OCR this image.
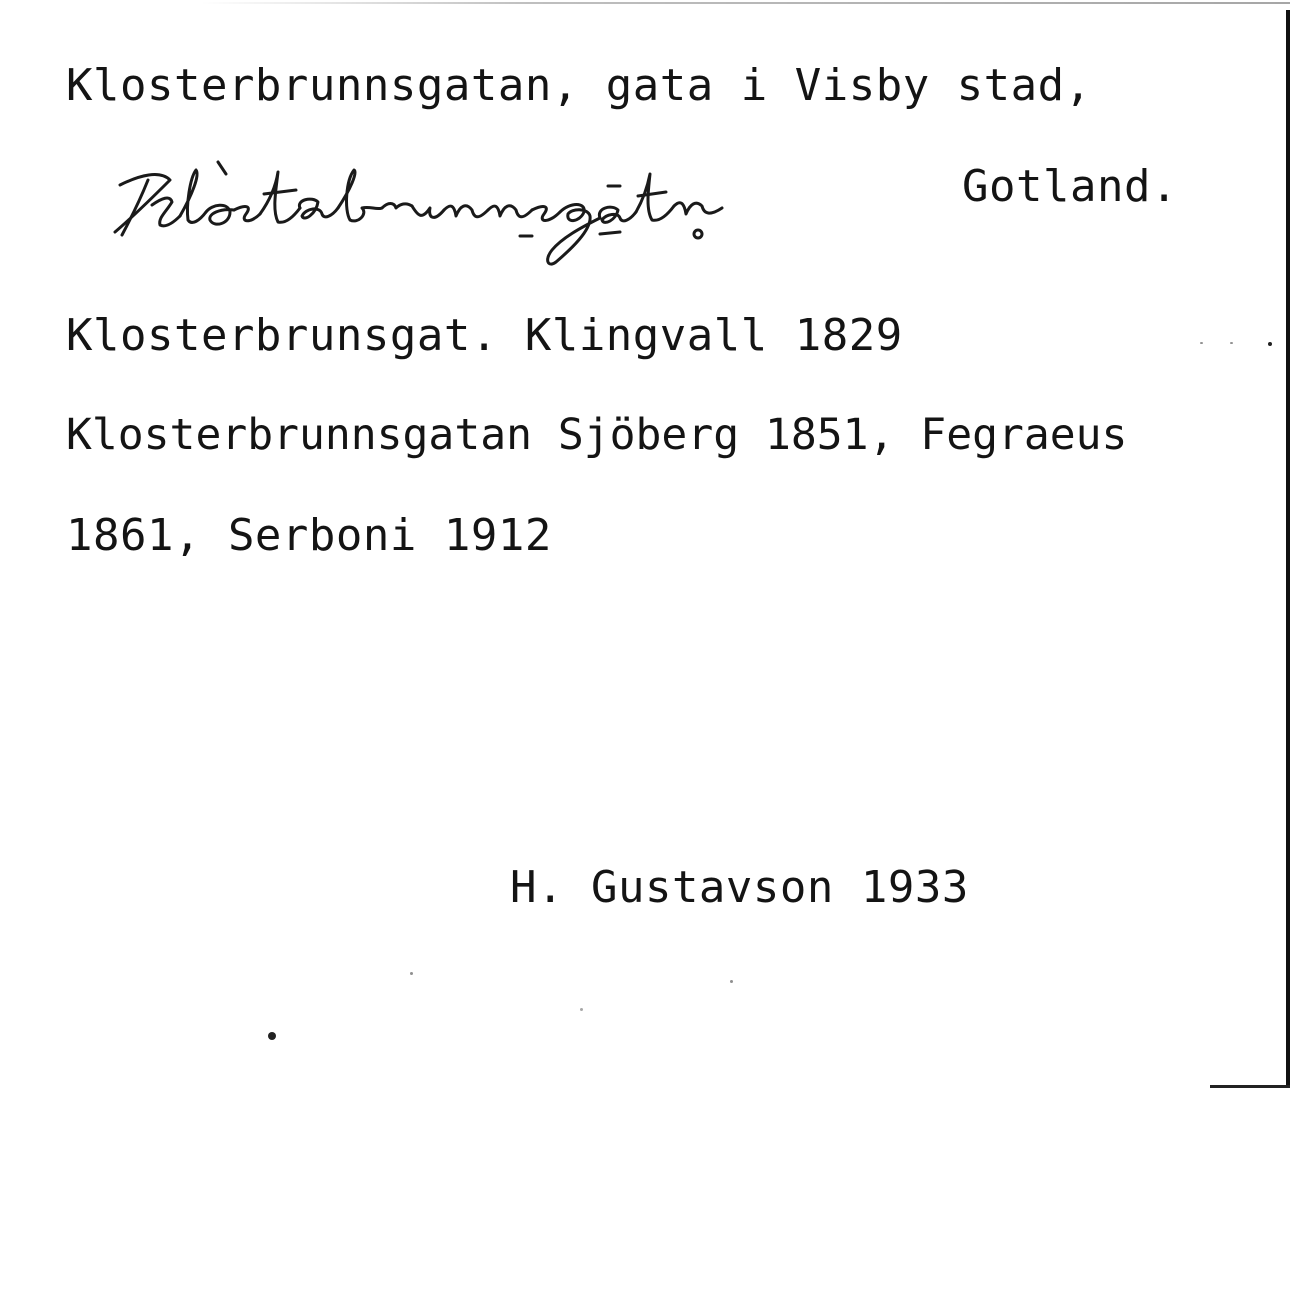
Klosterbrunnsgatan, gata i Visby stad,
Gotland.
Klosterbrunsgat. Klingvall 1829
Klosterbrunnsgatan Sjöberg 1851, Fegraeus
1861, Serboni 1912
H. Gustavson 1933
